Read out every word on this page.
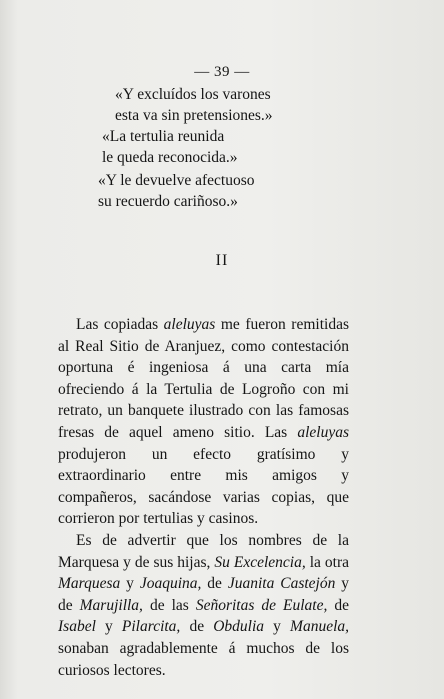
— 39 —
«Y excluídos los varones
esta va sin pretensiones.»
«La tertulia reunida
le queda reconocida.»
«Y le devuelve afectuoso
su recuerdo cariñoso.»
II

Las copiadas aleluyas me fueron remitidas al Real Sitio de Aranjuez, como contestación oportuna é ingeniosa á una carta mía ofreciendo á la Tertulia de Logroño con mi retrato, un banquete ilustrado con las famosas fresas de aquel ameno sitio. Las aleluyas produjeron un efecto gratísimo y extraordinario entre mis amigos y compañeros, sacándose varias copias, que corrieron por tertulias y casinos.

Es de advertir que los nombres de la Marquesa y de sus hijas, Su Excelencia, la otra Marquesa y Joaquina, de Juanita Castejón y de Marujilla, de las Señoritas de Eulate, de Isabel y Pilarcita, de Obdulia y Manuela, sonaban agradablemente á muchos de los curiosos lectores.
